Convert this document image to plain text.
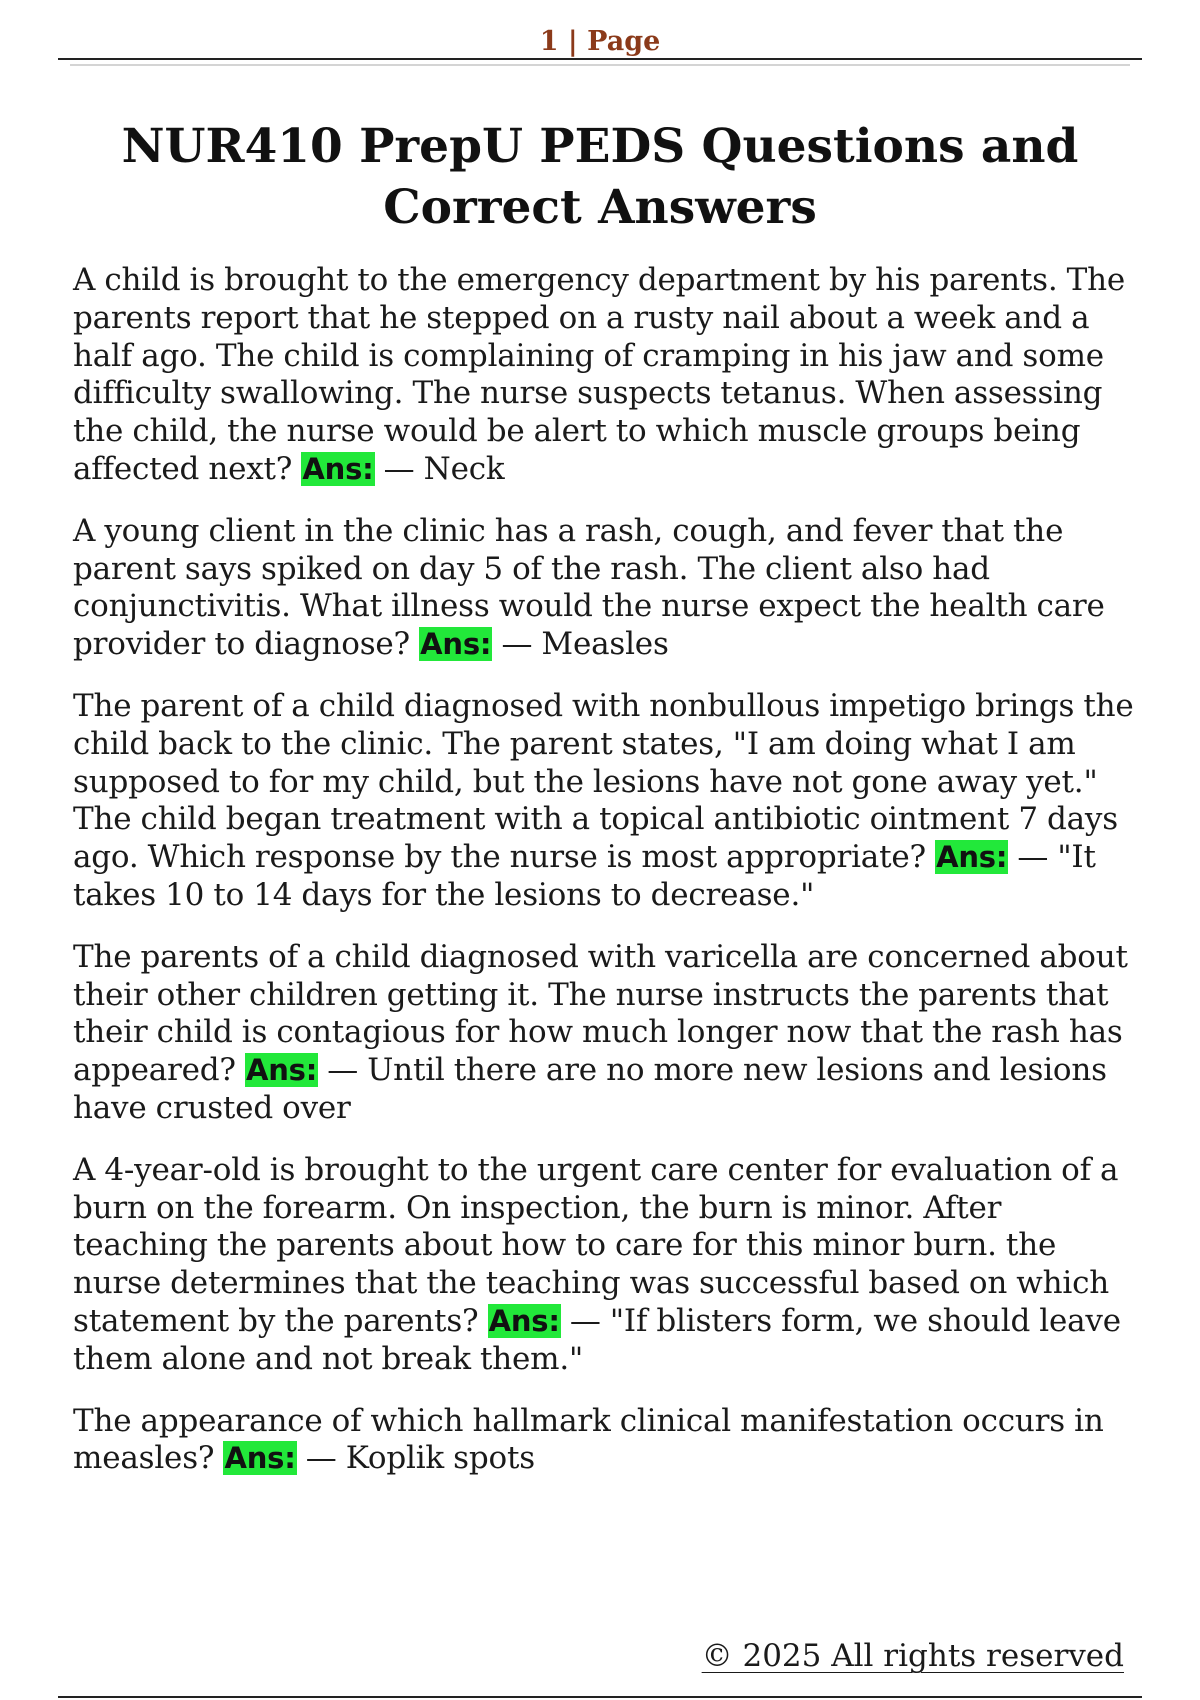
1 | Page
NUR410 PrepU PEDS Questions and Correct Answers

A child is brought to the emergency department by his parents. The parents report that he stepped on a rusty nail about a week and a half ago. The child is complaining of cramping in his jaw and some difficulty swallowing. The nurse suspects tetanus. When assessing the child, the nurse would be alert to which muscle groups being affected next? Ans: — Neck

A young client in the clinic has a rash, cough, and fever that the parent says spiked on day 5 of the rash. The client also had conjunctivitis. What illness would the nurse expect the health care provider to diagnose? Ans: — Measles

The parent of a child diagnosed with nonbullous impetigo brings the child back to the clinic. The parent states, "I am doing what I am supposed to for my child, but the lesions have not gone away yet." The child began treatment with a topical antibiotic ointment 7 days ago. Which response by the nurse is most appropriate? Ans: — "It takes 10 to 14 days for the lesions to decrease."

The parents of a child diagnosed with varicella are concerned about their other children getting it. The nurse instructs the parents that their child is contagious for how much longer now that the rash has appeared? Ans: — Until there are no more new lesions and lesions have crusted over

A 4-year-old is brought to the urgent care center for evaluation of a burn on the forearm. On inspection, the burn is minor. After teaching the parents about how to care for this minor burn. the nurse determines that the teaching was successful based on which statement by the parents? Ans: — "If blisters form, we should leave them alone and not break them."

The appearance of which hallmark clinical manifestation occurs in measles? Ans: — Koplik spots

© 2025 All rights reserved
